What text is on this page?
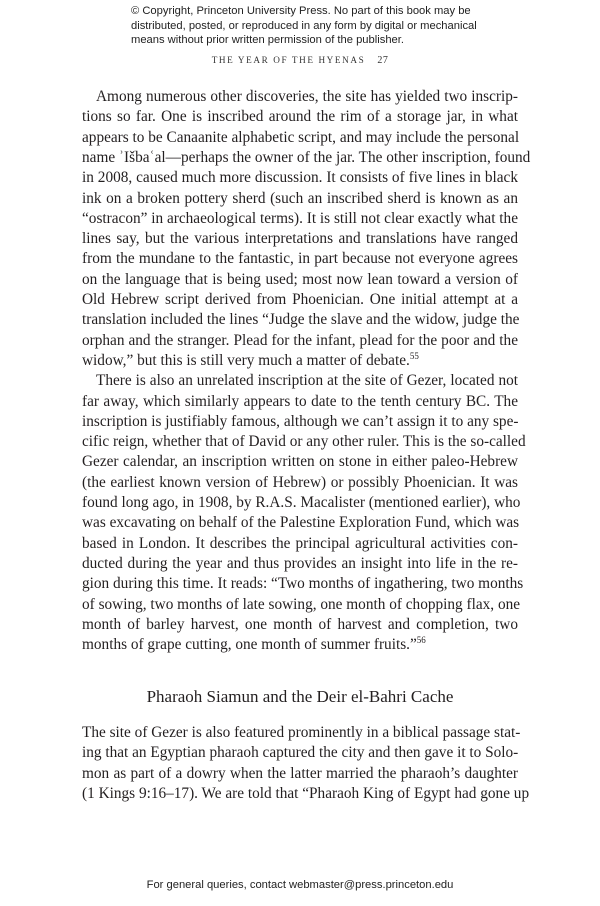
© Copyright, Princeton University Press. No part of this book may be
distributed, posted, or reproduced in any form by digital or mechanical
means without prior written permission of the publisher.
THE YEAR OF THE HYENAS 27
Among numerous other discoveries, the site has yielded two inscrip-
tions so far. One is inscribed around the rim of a storage jar, in what
appears to be Canaanite alphabetic script, and may include the personal
name ʾIšbaʿal—perhaps the owner of the jar. The other inscription, found
in 2008, caused much more discussion. It consists of five lines in black
ink on a broken pottery sherd (such an inscribed sherd is known as an
“ostracon” in archaeological terms). It is still not clear exactly what the
lines say, but the various interpretations and translations have ranged
from the mundane to the fantastic, in part because not everyone agrees
on the language that is being used; most now lean toward a version of
Old Hebrew script derived from Phoenician. One initial attempt at a
translation included the lines “Judge the slave and the widow, judge the
orphan and the stranger. Plead for the infant, plead for the poor and the
widow,” but this is still very much a matter of debate.$^{55}$
There is also an unrelated inscription at the site of Gezer, located not
far away, which similarly appears to date to the tenth century BC. The
inscription is justifiably famous, although we can’t assign it to any spe-
cific reign, whether that of David or any other ruler. This is the so-called
Gezer calendar, an inscription written on stone in either paleo-Hebrew
(the earliest known version of Hebrew) or possibly Phoenician. It was
found long ago, in 1908, by R.A.S. Macalister (mentioned earlier), who
was excavating on behalf of the Palestine Exploration Fund, which was
based in London. It describes the principal agricultural activities con-
ducted during the year and thus provides an insight into life in the re-
gion during this time. It reads: “Two months of ingathering, two months
of sowing, two months of late sowing, one month of chopping flax, one
month of barley harvest, one month of harvest and completion, two
months of grape cutting, one month of summer fruits.”$^{56}$
The site of Gezer is also featured prominently in a biblical passage stat-
ing that an Egyptian pharaoh captured the city and then gave it to Solo-
mon as part of a dowry when the latter married the pharaoh’s daughter
(1 Kings 9:16–17). We are told that “Pharaoh King of Egypt had gone up
Pharaoh Siamun and the Deir el-Bahri Cache
For general queries, contact webmaster@press.princeton.edu
